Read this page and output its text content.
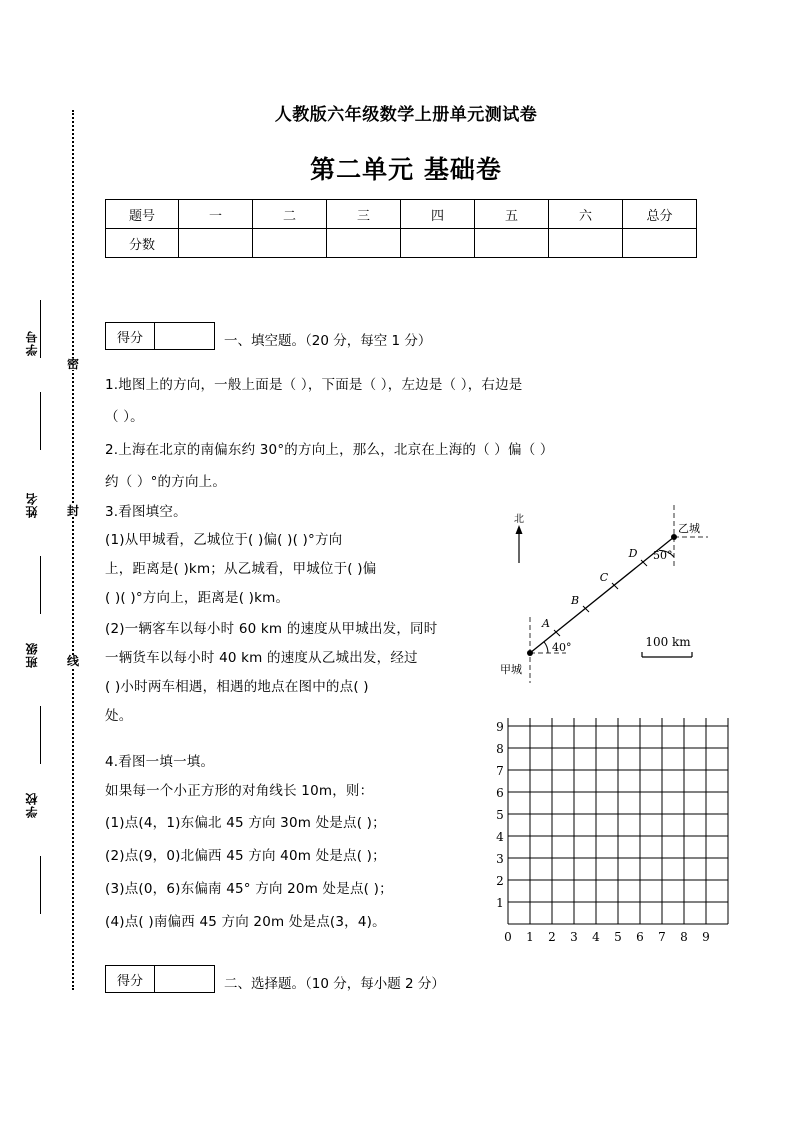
学号
姓名
班级
学校
密
封
线
人教版六年级数学上册单元测试卷
第二单元 基础卷
题号	一	二	三	四	五	六	总分
分数							
得分	一、填空题。（20 分，每空 1 分）
1.地图上的方向，一般上面是（ ），下面是（ ），左边是（ ），右边是
（ ）。
2.上海在北京的南偏东约 30°的方向上，那么，北京在上海的（ ）偏（ ）
约（ ）°的方向上。
3.看图填空。
(1)从甲城看，乙城位于( )偏( )( )°方向
上，距离是( )km；从乙城看，甲城位于( )偏
( )( )°方向上，距离是( )km。
(2)一辆客车以每小时 60 km 的速度从甲城出发，同时
一辆货车以每小时 40 km 的速度从乙城出发，经过
( )小时两车相遇，相遇的地点在图中的点( )
处。
4.看图一填一填。
如果每一个小正方形的对角线长 10m，则：
(1)点(4，1)东偏北 45 方向 30m 处是点( )；
(2)点(9，0)北偏西 45 方向 40m 处是点( )；
(3)点(0，6)东偏南 45° 方向 20m 处是点( )；
(4)点( )南偏西 45 方向 20m 处是点(3，4)。
得分	二、选择题。（10 分，每小题 2 分）
北
A
B
C
D
40°
50°
甲城
乙城
100 km
0 1 2 3 4 5 6 7 8 9
1
2
3
4
5
6
7
8
9
